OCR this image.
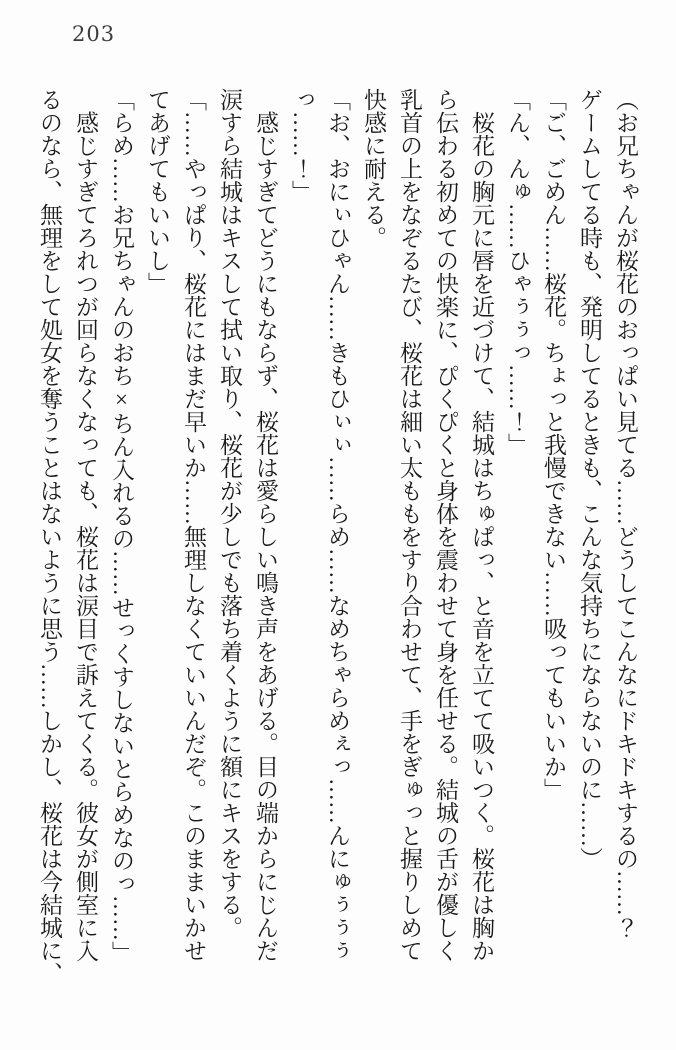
203
（お兄ちゃんが桜花のおっぱい見てる……どうしてこんなにドキドキするの……？
ゲームしてる時も、発明してるときも、こんな気持ちにならないのに……）
「ご、ごめん……桜花。ちょっと我慢できない……吸ってもいいか」
「ん、んゅ……ひゃぅぅっ……！」
　桜花の胸元に唇を近づけて、結城はちゅぱっ、と音を立てて吸いつく。桜花は胸か
ら伝わる初めての快楽に、ぴくぴくと身体を震わせて身を任せる。結城の舌が優しく
乳首の上をなぞるたび、桜花は細い太ももをすり合わせて、手をぎゅっと握りしめて
快感に耐える。
「お、おにぃひゃん……きもひぃぃ……らめ……なめちゃらめぇっ……んにゅぅぅぅ
っ……！」
　感じすぎてどうにもならず、桜花は愛らしい鳴き声をあげる。目の端からにじんだ
涙すら結城はキスして拭い取り、桜花が少しでも落ち着くように額にキスをする。
「……やっぱり、桜花にはまだ早いか……無理しなくていいんだぞ。このままいかせ
てあげてもいいし」
「らめ……お兄ちゃんのおち×ちん入れるの……せっくすしないとらめなのっ……」
　感じすぎてろれつが回らなくなっても、桜花は涙目で訴えてくる。彼女が側室に入
るのなら、無理をして処女を奪うことはないように思う……しかし、桜花は今結城に、
